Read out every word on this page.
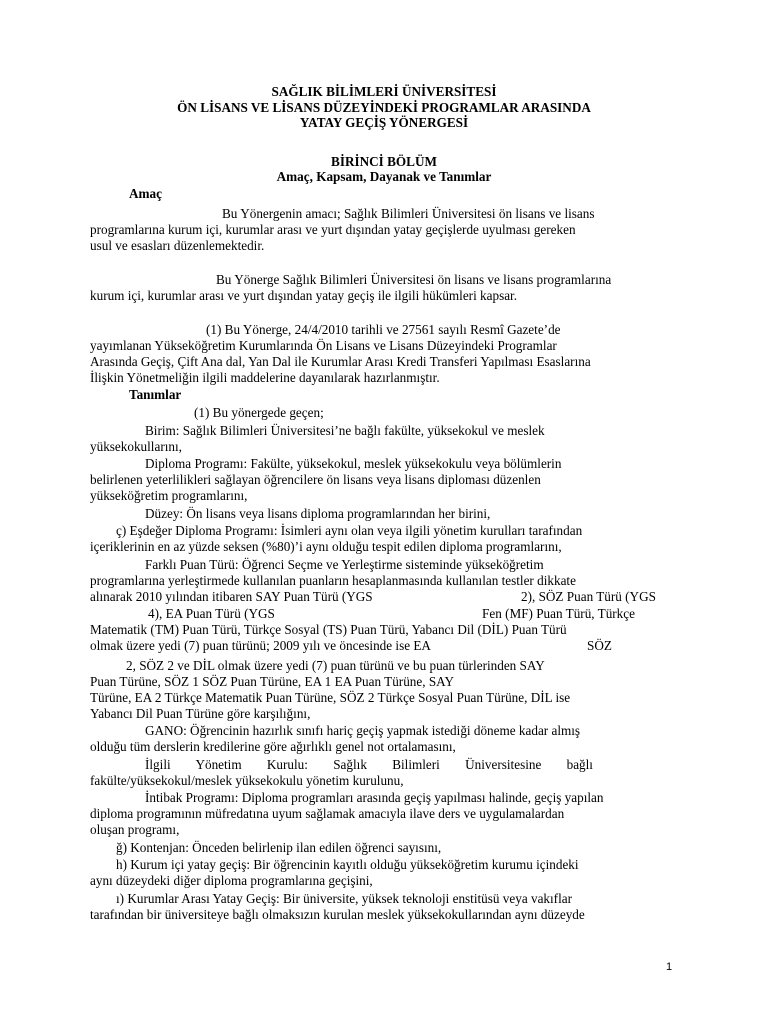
SAĞLIK BİLİMLERİ ÜNİVERSİTESİ
ÖN LİSANS VE LİSANS DÜZEYİNDEKİ PROGRAMLAR ARASINDA
YATAY GEÇİŞ YÖNERGESİ
BİRİNCİ BÖLÜM
Amaç, Kapsam, Dayanak ve Tanımlar
Amaç
Bu Yönergenin amacı; Sağlık Bilimleri Üniversitesi ön lisans ve lisans
programlarına kurum içi, kurumlar arası ve yurt dışından yatay geçişlerde uyulması gereken
usul ve esasları düzenlemektedir.
Bu Yönerge Sağlık Bilimleri Üniversitesi ön lisans ve lisans programlarına
kurum içi, kurumlar arası ve yurt dışından yatay geçiş ile ilgili hükümleri kapsar.
(1) Bu Yönerge, 24/4/2010 tarihli ve 27561 sayılı Resmî Gazete’de
yayımlanan Yükseköğretim Kurumlarında Ön Lisans ve Lisans Düzeyindeki Programlar
Arasında Geçiş, Çift Ana dal, Yan Dal ile Kurumlar Arası Kredi Transferi Yapılması Esaslarına
İlişkin Yönetmeliğin ilgili maddelerine dayanılarak hazırlanmıştır.
Tanımlar
(1) Bu yönergede geçen;
Birim: Sağlık Bilimleri Üniversitesi’ne bağlı fakülte, yüksekokul ve meslek
yüksekokullarını,
Diploma Programı: Fakülte, yüksekokul, meslek yüksekokulu veya bölümlerin
belirlenen yeterlilikleri sağlayan öğrencilere ön lisans veya lisans diploması düzenlen
yükseköğretim programlarını,
Düzey: Ön lisans veya lisans diploma programlarından her birini,
ç) Eşdeğer Diploma Programı: İsimleri aynı olan veya ilgili yönetim kurulları tarafından
içeriklerinin en az yüzde seksen (%80)’i aynı olduğu tespit edilen diploma programlarını,
Farklı Puan Türü: Öğrenci Seçme ve Yerleştirme sisteminde yükseköğretim
programlarına yerleştirmede kullanılan puanların hesaplanmasında kullanılan testler dikkate
alınarak 2010 yılından itibaren SAY Puan Türü (YGS	2), SÖZ Puan Türü (YGS
4), EA Puan Türü (YGS	Fen (MF) Puan Türü, Türkçe
Matematik (TM) Puan Türü, Türkçe Sosyal (TS) Puan Türü, Yabancı Dil (DİL) Puan Türü
olmak üzere yedi (7) puan türünü; 2009 yılı ve öncesinde ise EA	SÖZ
2, SÖZ 2 ve DİL olmak üzere yedi (7) puan türünü ve bu puan türlerinden SAY
Puan Türüne, SÖZ 1 SÖZ Puan Türüne, EA 1 EA Puan Türüne, SAY
Türüne, EA 2 Türkçe Matematik Puan Türüne, SÖZ 2 Türkçe Sosyal Puan Türüne, DİL ise
Yabancı Dil Puan Türüne göre karşılığını,
GANO: Öğrencinin hazırlık sınıfı hariç geçiş yapmak istediği döneme kadar almış
olduğu tüm derslerin kredilerine göre ağırlıklı genel not ortalamasını,
İlgili Yönetim Kurulu: Sağlık Bilimleri Üniversitesine bağlı
fakülte/yüksekokul/meslek yüksekokulu yönetim kurulunu,
İntibak Programı: Diploma programları arasında geçiş yapılması halinde, geçiş yapılan
diploma programının müfredatına uyum sağlamak amacıyla ilave ders ve uygulamalardan
oluşan programı,
ğ) Kontenjan: Önceden belirlenip ilan edilen öğrenci sayısını,
h) Kurum içi yatay geçiş: Bir öğrencinin kayıtlı olduğu yükseköğretim kurumu içindeki
aynı düzeydeki diğer diploma programlarına geçişini,
ı) Kurumlar Arası Yatay Geçiş: Bir üniversite, yüksek teknoloji enstitüsü veya vakıflar
tarafından bir üniversiteye bağlı olmaksızın kurulan meslek yüksekokullarından aynı düzeyde
1
